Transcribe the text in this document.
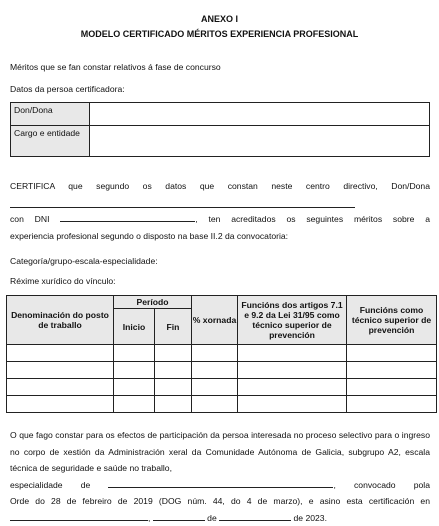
ANEXO I
MODELO CERTIFICADO MÉRITOS EXPERIENCIA PROFESIONAL
Méritos que se fan constar relativos á fase de concurso
Datos da persoa certificadora:
Don/Dona	
Cargo e entidade	
CERTIFICA que segundo os datos que constan neste centro directivo, Don/Dona
con DNI	, ten acreditados os seguintes méritos sobre a
experiencia profesional segundo o disposto na base II.2 da convocatoria:
Categoría/grupo-escala-especialidade:
Réxime xurídico do vínculo:
Denominación do posto de traballo	Período		% xornada	Funcións dos artigos 7.1 e 9.2 da Lei 31/95 como técnico superior de prevención	Funcións como técnico superior de prevención
	Inicio	Fin			

O que fago constar para os efectos de participación da persoa interesada no proceso selectivo para o ingreso no corpo de xestión da Administración xeral da Comunidade Autónoma de Galicia, subgrupo A2, escala técnica de seguridade e saúde no traballo,
especialidade de	, convocado pola
Orde do 28 de febreiro de 2019 (DOG núm. 44, do 4 de marzo), e asino esta certificación en
,	de	de 2023.
